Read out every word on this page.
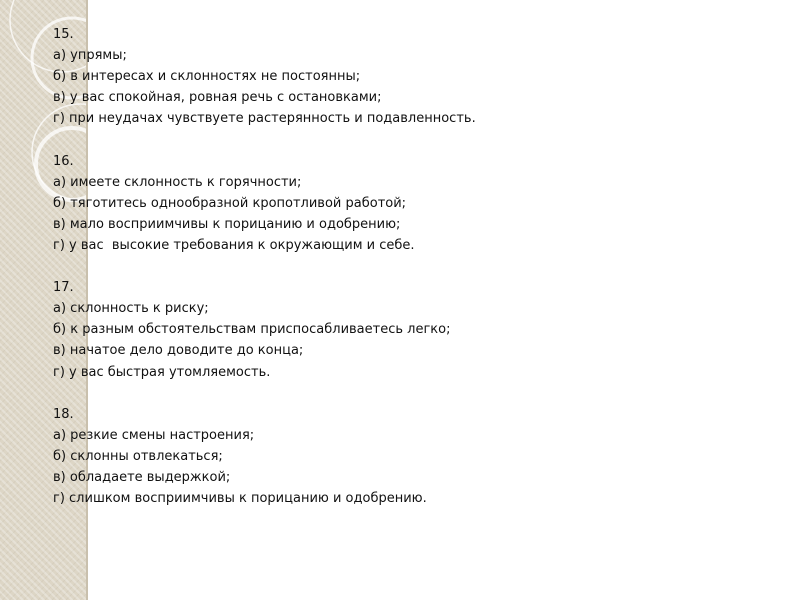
15.
а) упрямы;
б) в интересах и склонностях не постоянны;
в) у вас спокойная, ровная речь с остановками;
г) при неудачах чувствуете растерянность и подавленность.
16.
а) имеете склонность к горячности;
б) тяготитесь однообразной кропотливой работой;
в) мало восприимчивы к порицанию и одобрению;
г) у вас  высокие требования к окружающим и себе.
17.
а) склонность к риску;
б) к разным обстоятельствам приспосабливаетесь легко;
в) начатое дело доводите до конца;
г) у вас быстрая утомляемость.
18.
а) резкие смены настроения;
б) склонны отвлекаться;
в) обладаете выдержкой;
г) слишком восприимчивы к порицанию и одобрению.
